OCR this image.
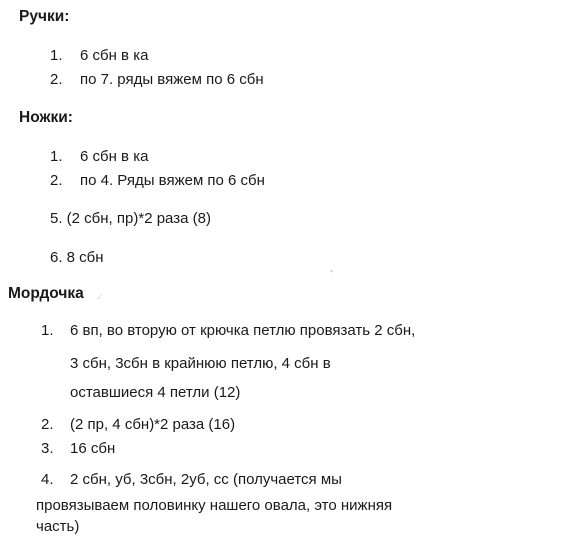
Ручки:
1. 6 сбн в ка
2. по 7. ряды вяжем по 6 сбн
Ножки:
1. 6 сбн в ка
2. по 4. Ряды вяжем по 6 сбн
5. (2 сбн, пр)*2 раза (8)
6. 8 сбн
▪
✓
Мордочка
1. 6 вп, во вторую от крючка петлю провязать 2 сбн,
3 сбн, 3сбн в крайнюю петлю, 4 сбн в
оставшиеся 4 петли (12)
2. (2 пр, 4 сбн)*2 раза (16)
3. 16 сбн
4. 2 сбн, уб, 3сбн, 2уб, сс (получается мы
провязываем половинку нашего овала, это нижняя
часть)
